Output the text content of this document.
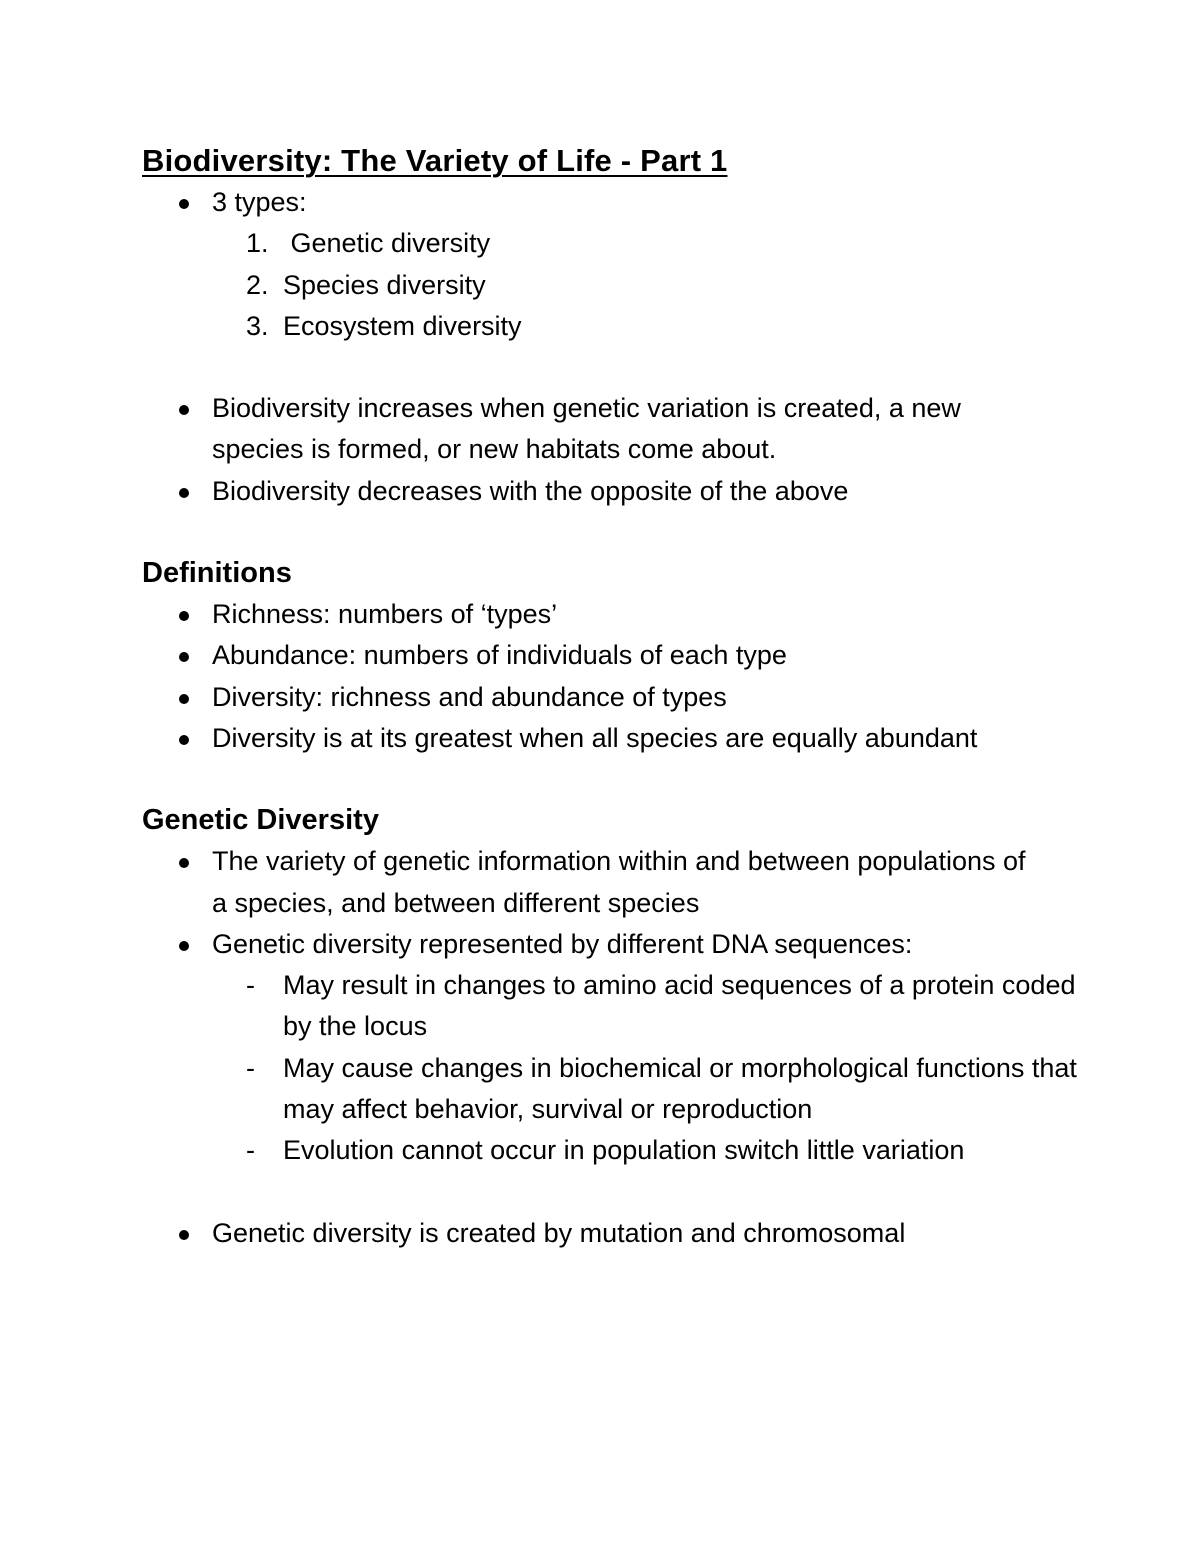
Biodiversity: The Variety of Life - Part 1
3 types:
1. Genetic diversity
2. Species diversity
3. Ecosystem diversity
Biodiversity increases when genetic variation is created, a new species is formed, or new habitats come about.
Biodiversity decreases with the opposite of the above
Definitions
Richness: numbers of ‘types’
Abundance: numbers of individuals of each type
Diversity: richness and abundance of types
Diversity is at its greatest when all species are equally abundant
Genetic Diversity
The variety of genetic information within and between populations of a species, and between different species
Genetic diversity represented by different DNA sequences:
- May result in changes to amino acid sequences of a protein coded by the locus
- May cause changes in biochemical or morphological functions that may affect behavior, survival or reproduction
- Evolution cannot occur in population switch little variation
Genetic diversity is created by mutation and chromosomal
